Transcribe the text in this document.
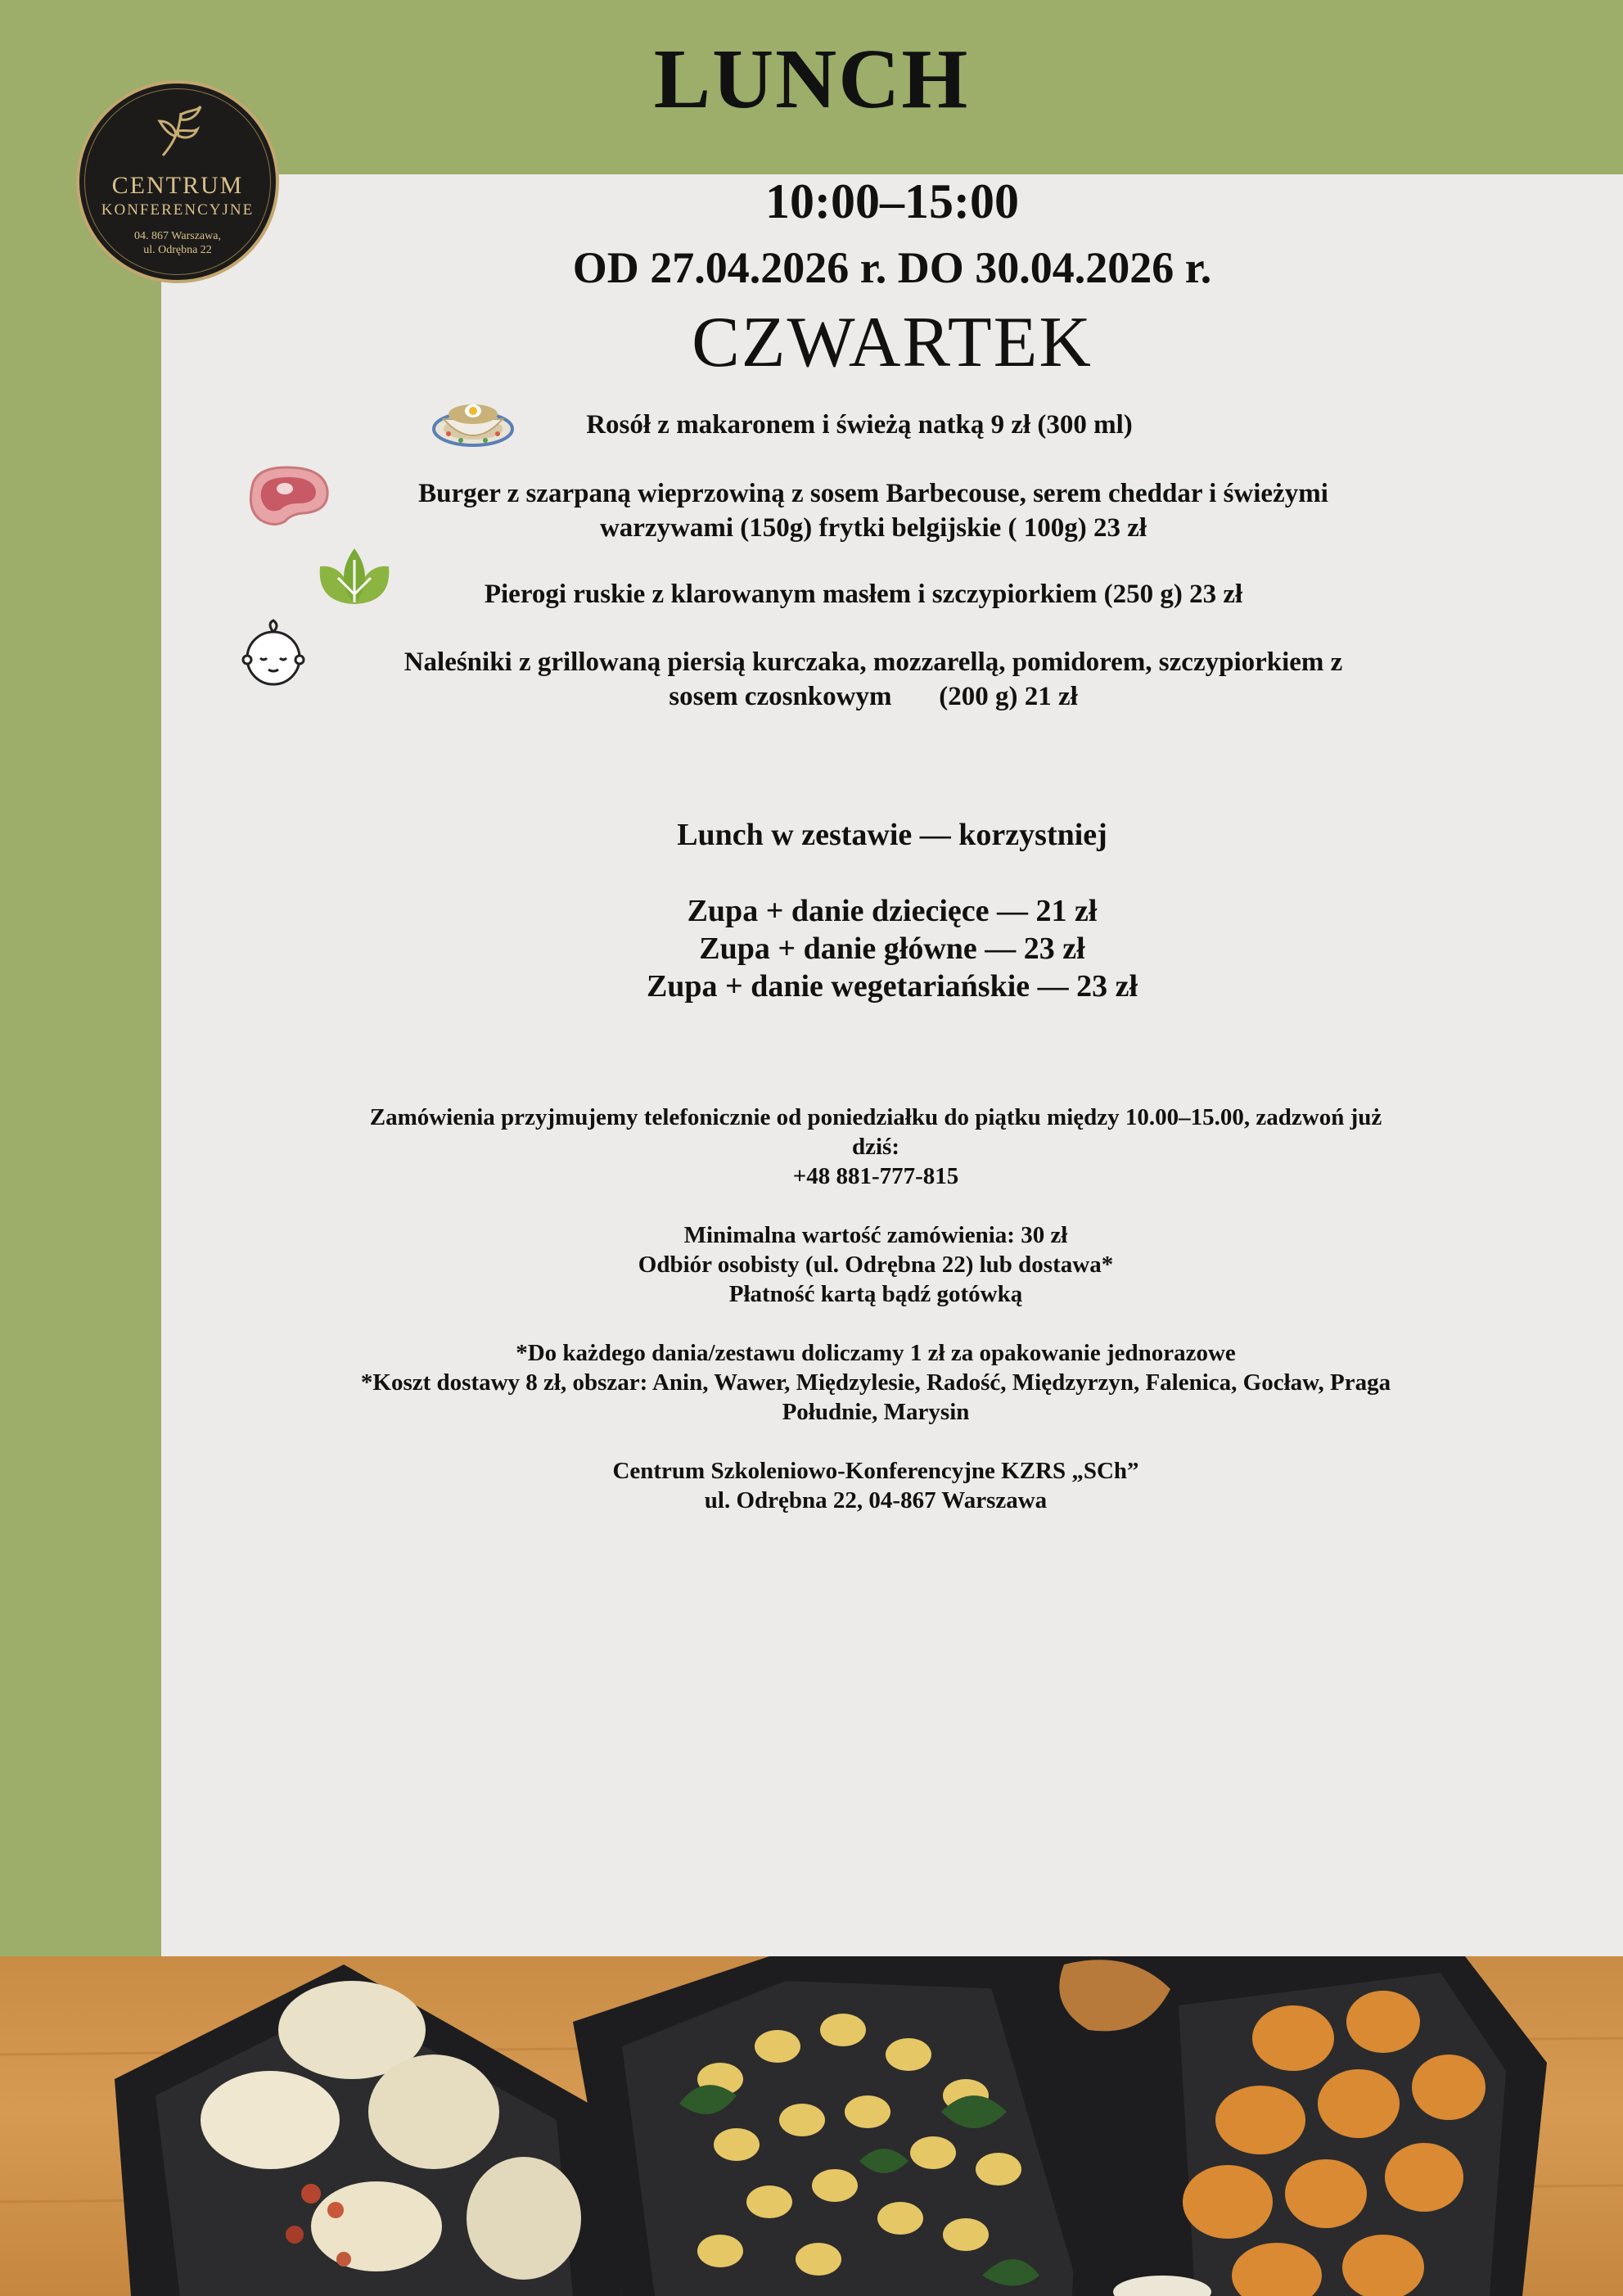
LUNCH
CENTRUM
KONFERENCYJNE
04. 867 Warszawa,
ul. Odrębna 22

10:00–15:00

OD 27.04.2026 r. DO 30.04.2026 r.

CZWARTEK

Rosół z makaronem i świeżą natką 9 zł (300 ml)

Burger z szarpaną wieprzowiną z sosem Barbecouse, serem cheddar i świeżymi
warzywami (150g) frytki belgijskie ( 100g) 23 zł

Pierogi ruskie z klarowanym masłem i szczypiorkiem (250 g) 23 zł

Naleśniki z grillowaną piersią kurczaka, mozzarellą, pomidorem, szczypiorkiem z
sosem czosnkowym       (200 g) 21 zł

Lunch w zestawie — korzystniej

Zupa + danie dziecięce — 21 zł
Zupa + danie główne — 23 zł
Zupa + danie wegetariańskie — 23 zł
Zamówienia przyjmujemy telefonicznie od poniedziałku do piątku między 10.00–15.00, zadzwoń już
dziś:
+48 881-777-815
Minimalna wartość zamówienia: 30 zł
Odbiór osobisty (ul. Odrębna 22) lub dostawa*
Płatność kartą bądź gotówką
*Do każdego dania/zestawu doliczamy 1 zł za opakowanie jednorazowe
*Koszt dostawy 8 zł, obszar: Anin, Wawer, Międzylesie, Radość, Międzyrzyn, Falenica, Gocław, Praga
Południe, Marysin
Centrum Szkoleniowo-Konferencyjne KZRS „SCh”
ul. Odrębna 22, 04-867 Warszawa
